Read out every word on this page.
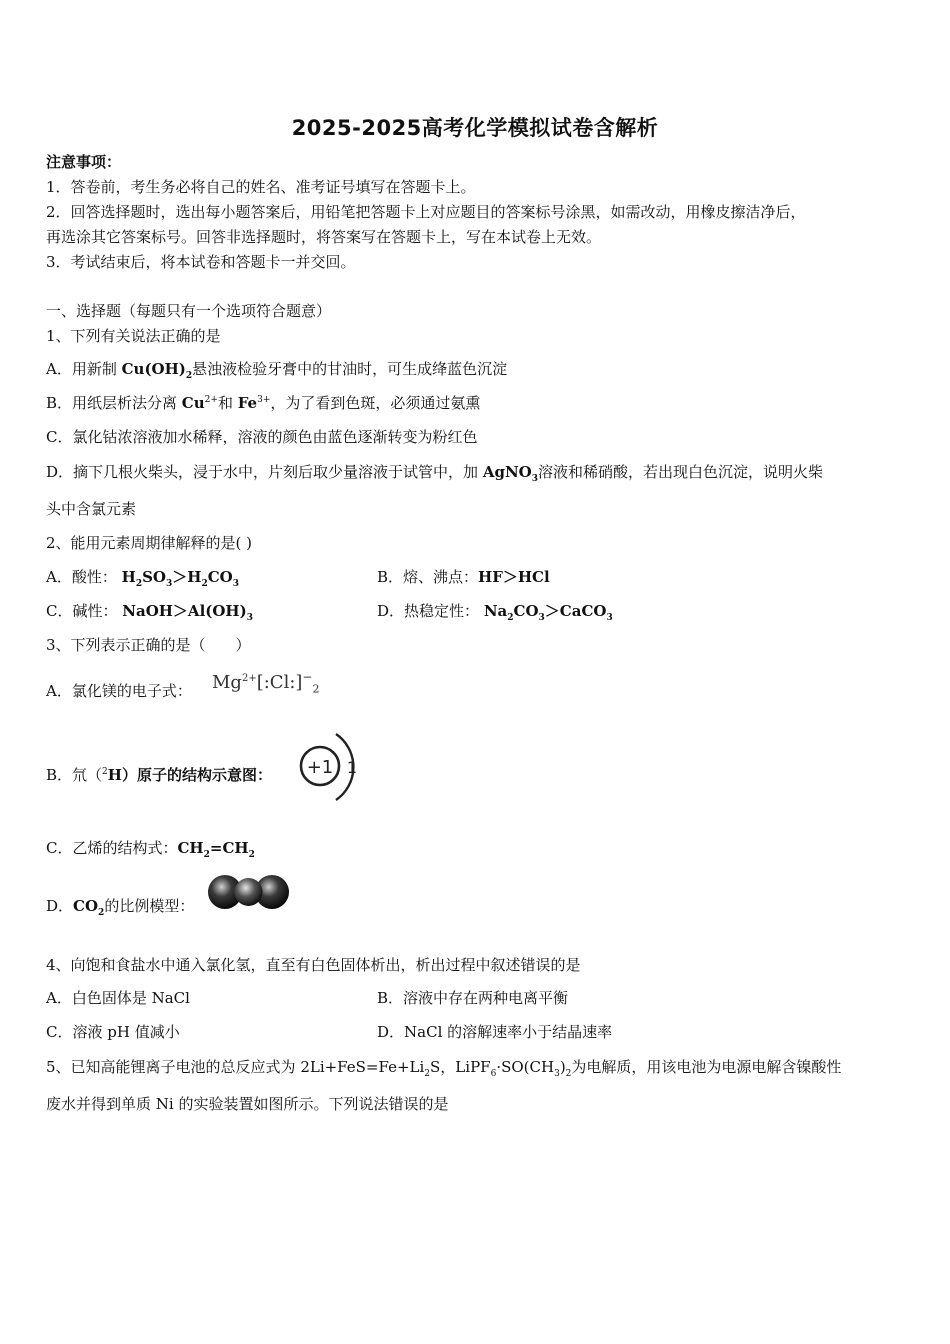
2025-2025高考化学模拟试卷含解析
注意事项：
1．答卷前，考生务必将自己的姓名、准考证号填写在答题卡上。
2．回答选择题时，选出每小题答案后，用铅笔把答题卡上对应题目的答案标号涂黑，如需改动，用橡皮擦洁净后，
再选涂其它答案标号。回答非选择题时，将答案写在答题卡上，写在本试卷上无效。
3．考试结束后，将本试卷和答题卡一并交回。
一、选择题（每题只有一个选项符合题意）
1、下列有关说法正确的是
A．用新制 $Cu(OH)_2$悬浊液检验牙膏中的甘油时，可生成绛蓝色沉淀
B．用纸层析法分离 $Cu^{2+}$和 $Fe^{3+}$，为了看到色斑，必须通过氨熏
C．氯化钴浓溶液加水稀释，溶液的颜色由蓝色逐渐转变为粉红色
D．摘下几根火柴头，浸于水中，片刻后取少量溶液于试管中，加 AgNO$_3$溶液和稀硝酸，若出现白色沉淀，说明火柴
头中含氯元素
2、能用元素周期律解释的是( )
A．酸性： $H_2SO_3>H_2CO_3$	B．熔、沸点：HF＞HCl
C．碱性： $NaOH>Al(OH)_3$	D．热稳定性： $Na_2CO_3>CaCO_3$
3、下列表示正确的是（　　）
A．氯化镁的电子式： $Mg^{2+}[:Cl:]^-_2$
B．氘（$^2$H）原子的结构示意图： +1 1
C．乙烯的结构式：$CH_2=CH_2$
D．$CO_2$的比例模型：
4、向饱和食盐水中通入氯化氢，直至有白色固体析出，析出过程中叙述错误的是
A．白色固体是 NaCl	B．溶液中存在两种电离平衡
C．溶液 pH 值减小	D．NaCl 的溶解速率小于结晶速率
5、已知高能锂离子电池的总反应式为 $2Li+FeS=Fe+Li_2S$，$LiPF_6\cdot SO(CH_3)_2$为电解质，用该电池为电源电解含镍酸性
废水并得到单质 Ni 的实验装置如图所示。下列说法错误的是
